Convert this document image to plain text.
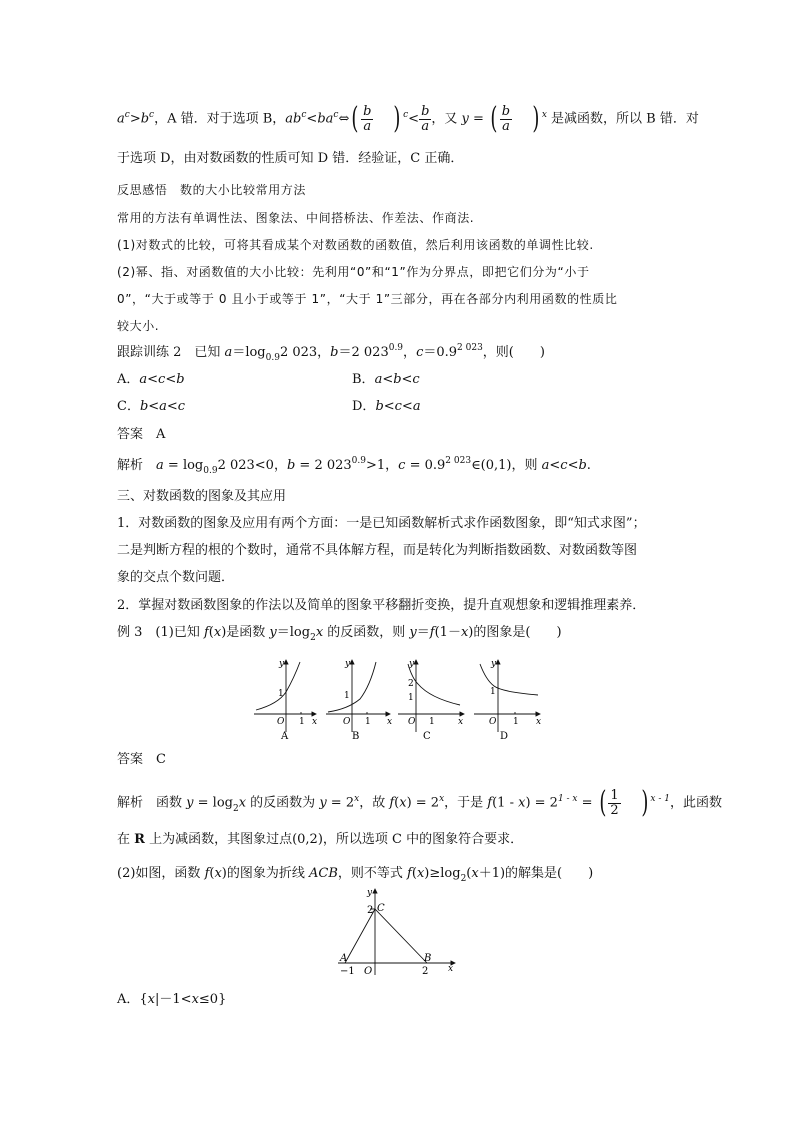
$a^c>b^c$，A 错．对于选项 B，$ab^c<ba^c\Leftrightarrow( \frac{b}{a}$ ) $^c< \frac{b}{a}$ ，又 y = ( $\frac{b}{a}$ ) $^x$ 是减函数，所以 B 错．对
于选项 D，由对数函数的性质可知 D 错．经验证，C 正确．
反思感悟　数的大小比较常用方法
常用的方法有单调性法、图象法、中间搭桥法、作差法、作商法.
(1)对数式的比较，可将其看成某个对数函数的函数值，然后利用该函数的单调性比较.
(2)幂、指、对函数值的大小比较：先利用“0”和“1”作为分界点，即把它们分为“小于
0”，“大于或等于 0 且小于或等于 1”，“大于 1”三部分，再在各部分内利用函数的性质比
较大小.
跟踪训练 2　已知 $a=\log_{0.9}2$ 023，b＝2 $023^{0.9}$，$c=0.9^{2 023}$，则(　　)
A．a<c<b	B．a<b<c
C．b<a<c	D．b<c<a
答案　A
解析　$a = \log_{0.9}2$ 023<0，b = 2 $023^{0.9}>1$，$c = 0.9^{2 023}\in(0,1)$，则 a<c<b.
三、对数函数的图象及其应用
1．对数函数的图象及应用有两个方面：一是已知函数解析式求作函数图象，即“知式求图”；
二是判断方程的根的个数时，通常不具体解方程，而是转化为判断指数函数、对数函数等图
象的交点个数问题．
2．掌握对数函数图象的作法以及简单的图象平移翻折变换，提升直观想象和逻辑推理素养．
例 3　(1)已知 f(x)是函数 $y=\log_2x$ 的反函数，则 y＝f(1－x)的图象是(　　)
y
1
O 1 x
A
y
1
O 1 x
B
y
2
1
O 1	x
C
y
1
O 1 x
D
答案　C
解析　函数 $y = \log_2x$ 的反函数为 $y = 2^x$，故 $f(x) = 2^x$，于是 $f(1 - x) = 2^{1 - x}$ = ( $\frac{1}{2}$ ) $^{x - 1}$，此函数
在 R 上为减函数，其图象过点(0,2)，所以选项 C 中的图象符合要求．
(2)如图，函数 f(x)的图象为折线 ACB，则不等式 $f(x)\ge\log_2(x+1)$的解集是(　　)
y
2 C
A
−1 O
B
2 x
A．{x|－1<x≤0}
